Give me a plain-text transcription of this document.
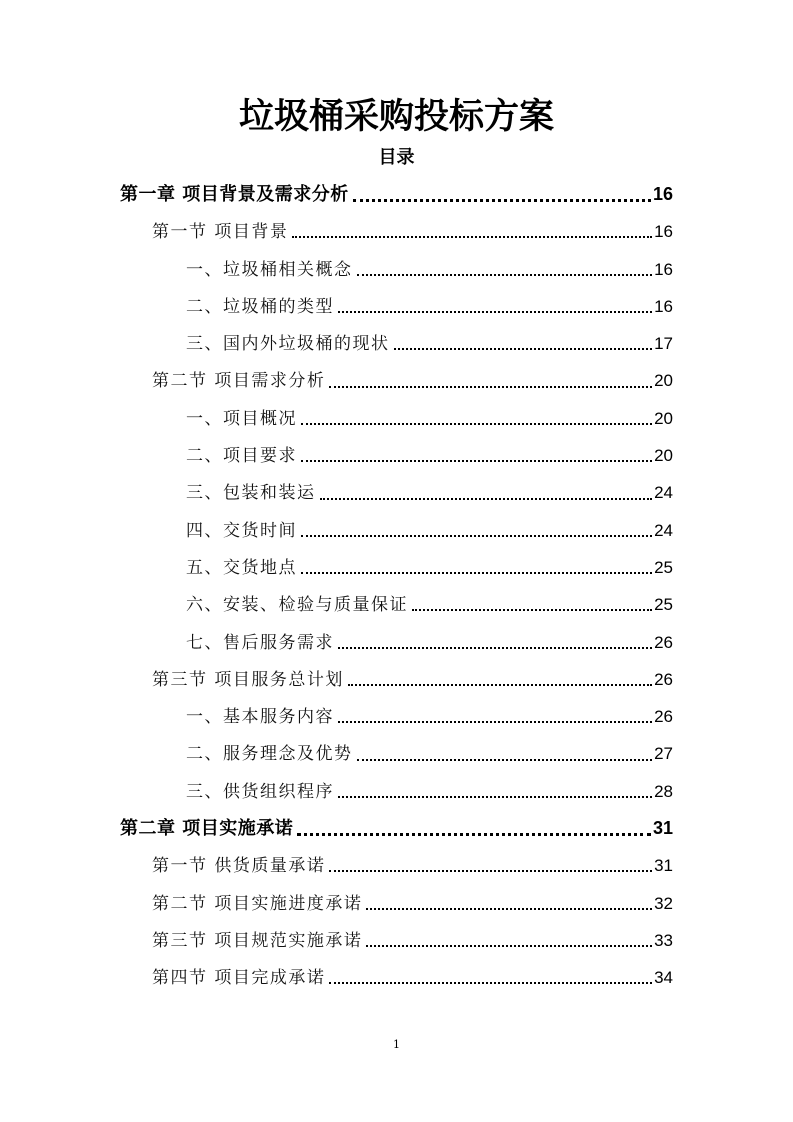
垃圾桶采购投标方案
目录
第一章 项目背景及需求分析	16
第一节 项目背景	16
一、垃圾桶相关概念	16
二、垃圾桶的类型	16
三、国内外垃圾桶的现状	17
第二节 项目需求分析	20
一、项目概况	20
二、项目要求	20
三、包装和装运	24
四、交货时间	24
五、交货地点	25
六、安装、检验与质量保证	25
七、售后服务需求	26
第三节 项目服务总计划	26
一、基本服务内容	26
二、服务理念及优势	27
三、供货组织程序	28
第二章 项目实施承诺	31
第一节 供货质量承诺	31
第二节 项目实施进度承诺	32
第三节 项目规范实施承诺	33
第四节 项目完成承诺	34
1
